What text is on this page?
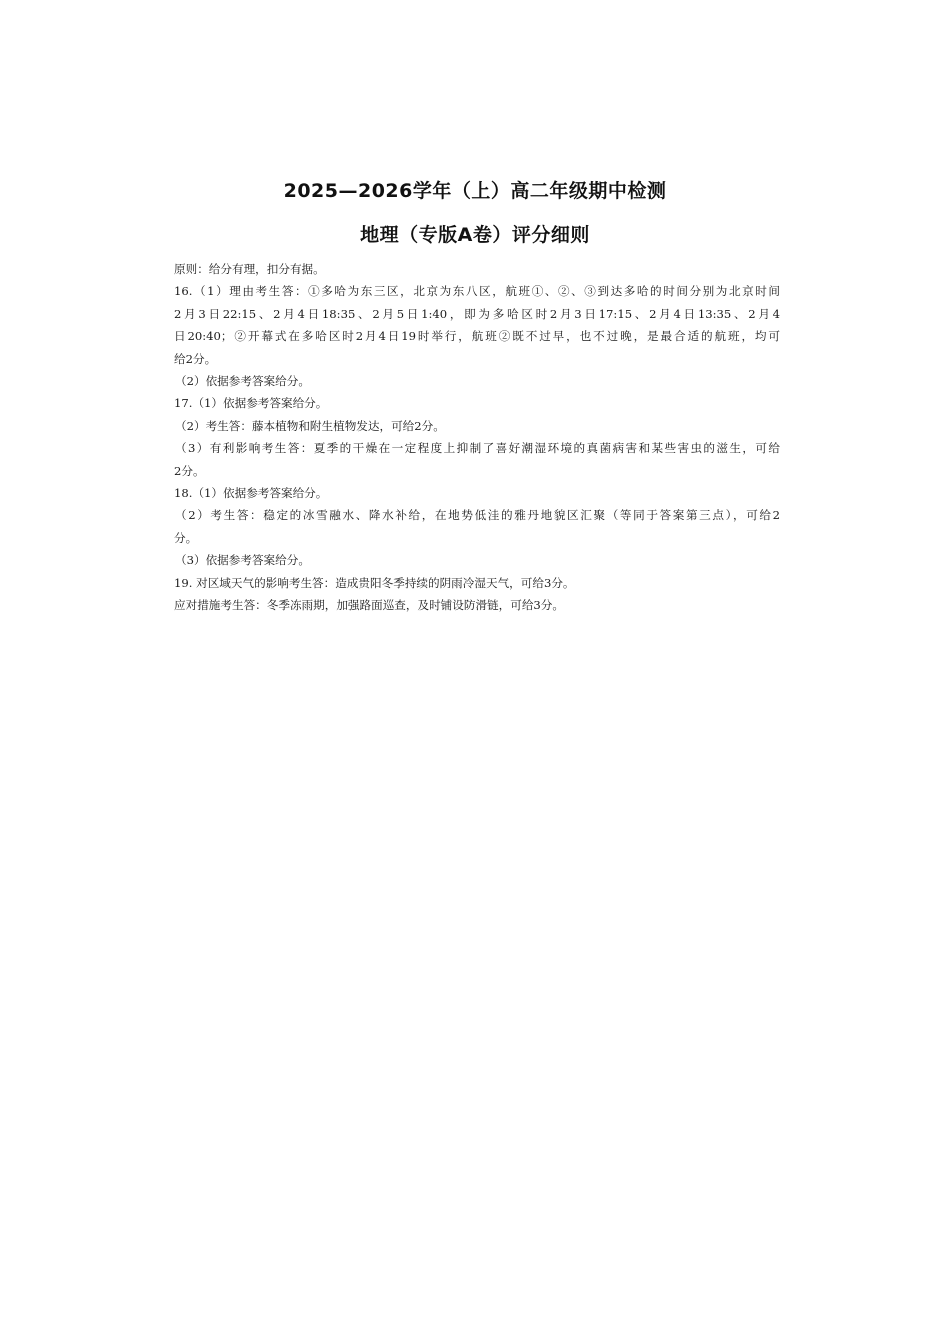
2025—2026学年（上）高二年级期中检测
地理（专版A卷）评分细则
原则：给分有理，扣分有据。
16.（1）理由考生答：①多哈为东三区，北京为东八区，航班①、②、③到达多哈的时间分别为北京时间
2月3日22:15、2月4日18:35、2月5日1:40，即为多哈区时2月3日17:15、2月4日13:35、2月4
日20:40；②开幕式在多哈区时2月4日19时举行，航班②既不过早，也不过晚，是最合适的航班，均可
给2分。
（2）依据参考答案给分。
17.（1）依据参考答案给分。
（2）考生答：藤本植物和附生植物发达，可给2分。
（3）有利影响考生答：夏季的干燥在一定程度上抑制了喜好潮湿环境的真菌病害和某些害虫的滋生，可给
2分。
18.（1）依据参考答案给分。
（2）考生答：稳定的冰雪融水、降水补给，在地势低洼的雅丹地貌区汇聚（等同于答案第三点），可给2
分。
（3）依据参考答案给分。
19. 对区域天气的影响考生答：造成贵阳冬季持续的阴雨冷湿天气，可给3分。
应对措施考生答：冬季冻雨期，加强路面巡查，及时铺设防滑链，可给3分。
